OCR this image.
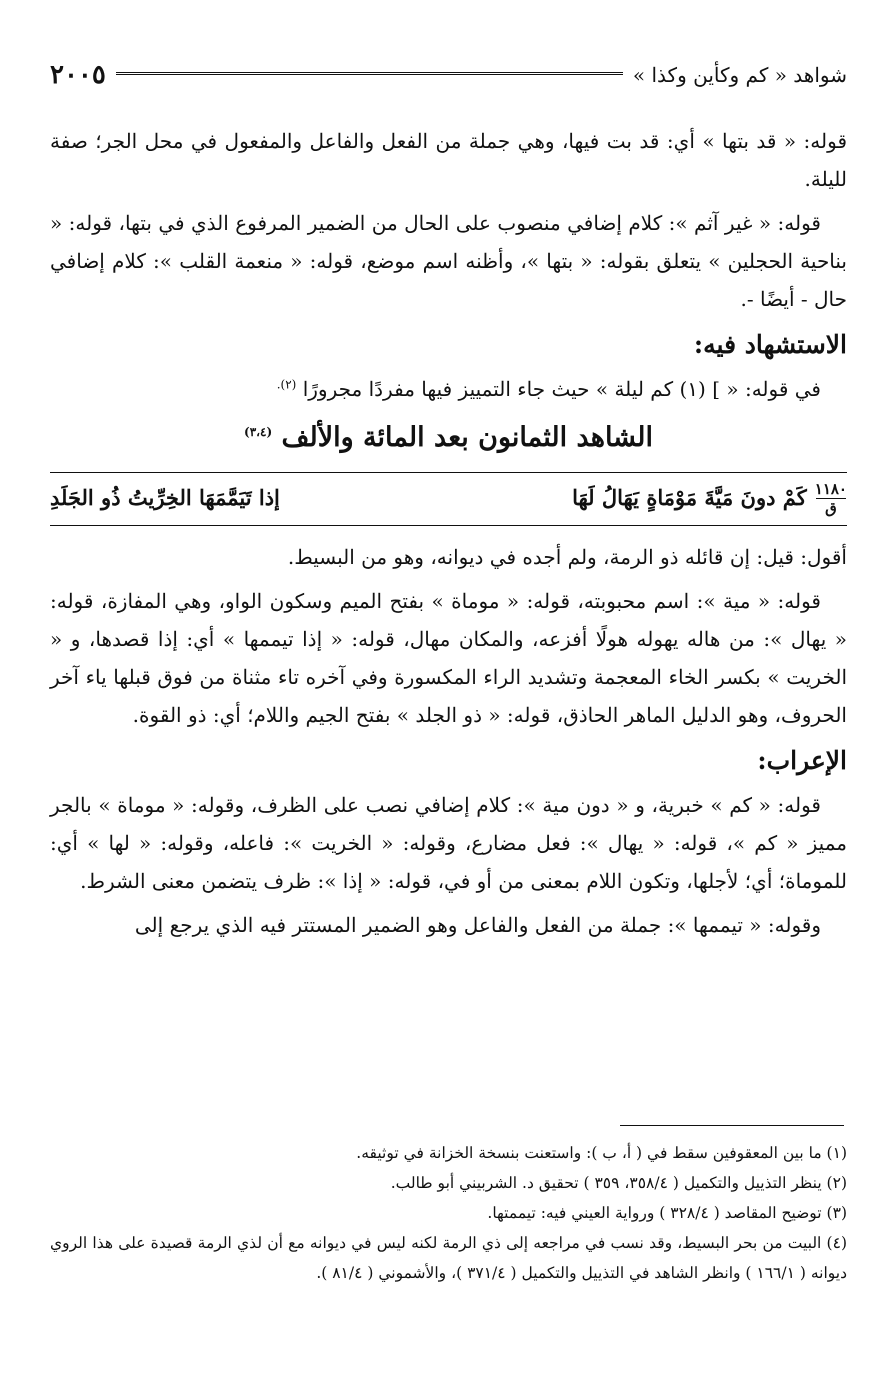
شواهد « كم وكأين وكذا »
٢٠٠٥

قوله: « قد بتها » أي: قد بت فيها، وهي جملة من الفعل والفاعل والمفعول في محل الجر؛ صفة لليلة.

قوله: « غير آثم »: كلام إضافي منصوب على الحال من الضمير المرفوع الذي في بتها، قوله: « بناحية الحجلين » يتعلق بقوله: « بتها »، وأظنه اسم موضع، قوله: « منعمة القلب »: كلام إضافي حال - أيضًا -.

الاستشهاد فيه:

في قوله: « ] (١) كم ليلة » حيث جاء التمييز فيها مفردًا مجرورًا $^{(٢).}$

الشاهد الثمانون بعد المائة والألف $^{(٣،٤)}$
١١٨٠
ق
كَمْ دونَ مَيَّةَ مَوْمَاةٍ يَهَالُ لَهَا
إذا تَيَمَّمَهَا الخِرِّيتُ ذُو الجَلَدِ

أقول: قيل: إن قائله ذو الرمة، ولم أجده في ديوانه، وهو من البسيط.

قوله: « مية »: اسم محبوبته، قوله: « موماة » بفتح الميم وسكون الواو، وهي المفازة، قوله: « يهال »: من هاله يهوله هولًا أفزعه، والمكان مهال، قوله: « إذا تيممها » أي: إذا قصدها، و « الخريت » بكسر الخاء المعجمة وتشديد الراء المكسورة وفي آخره تاء مثناة من فوق قبلها ياء آخر الحروف، وهو الدليل الماهر الحاذق، قوله: « ذو الجلد » بفتح الجيم واللام؛ أي: ذو القوة.

الإعراب:

قوله: « كم » خبرية، و « دون مية »: كلام إضافي نصب على الظرف، وقوله: « موماة » بالجر مميز « كم »، قوله: « يهال »: فعل مضارع، وقوله: « الخريت »: فاعله، وقوله: « لها » أي: للموماة؛ أي؛ لأجلها، وتكون اللام بمعنى من أو في، قوله: « إذا »: ظرف يتضمن معنى الشرط.

وقوله: « تيممها »: جملة من الفعل والفاعل وهو الضمير المستتر فيه الذي يرجع إلى

(١) ما بين المعقوفين سقط في ( أ، ب ): واستعنت بنسخة الخزانة في توثيقه.

(٢) ينظر التذييل والتكميل ( ٣٥٨/٤، ٣٥٩ ) تحقيق د. الشربيني أبو طالب.

(٣) توضيح المقاصد ( ٣٢٨/٤ ) ورواية العيني فيه: تيممتها.

(٤) البيت من بحر البسيط، وقد نسب في مراجعه إلى ذي الرمة لكنه ليس في ديوانه مع أن لذي الرمة قصيدة على هذا الروي ديوانه ( ١٦٦/١ ) وانظر الشاهد في التذييل والتكميل ( ٣٧١/٤ )، والأشموني ( ٨١/٤ ).
